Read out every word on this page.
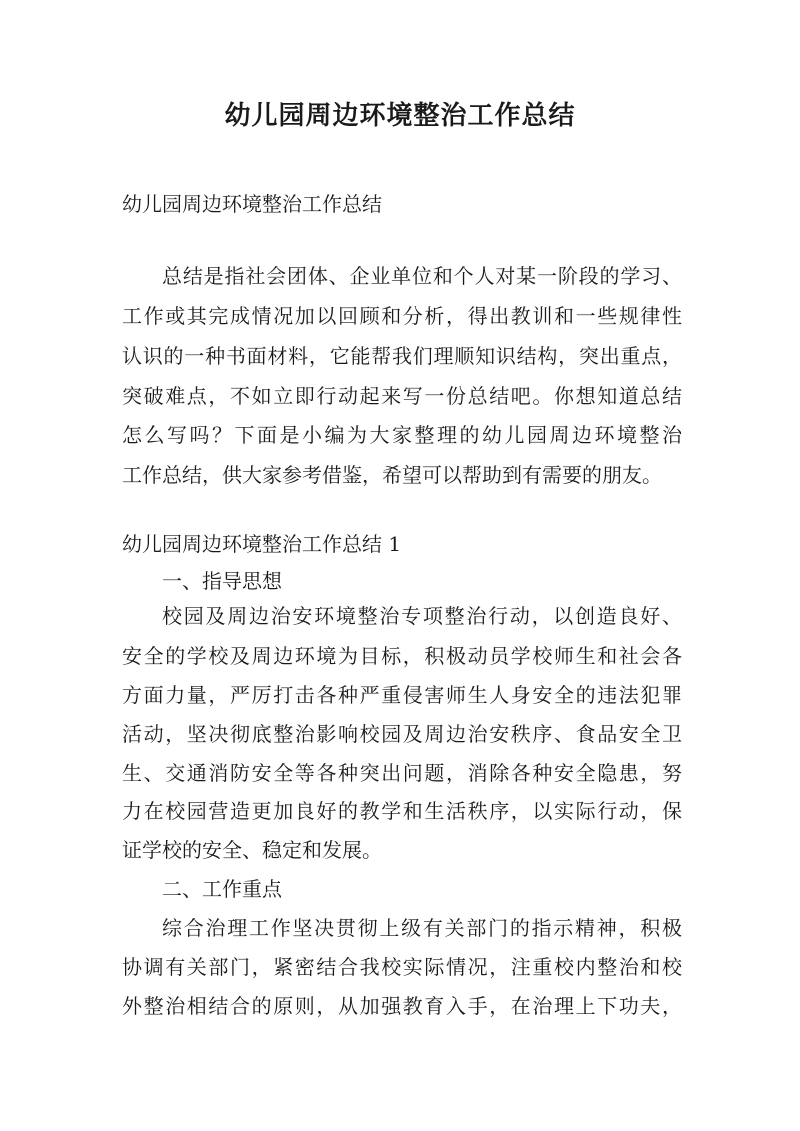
幼儿园周边环境整治工作总结
幼儿园周边环境整治工作总结
总结是指社会团体、企业单位和个人对某一阶段的学习、
工作或其完成情况加以回顾和分析，得出教训和一些规律性
认识的一种书面材料，它能帮我们理顺知识结构，突出重点，
突破难点，不如立即行动起来写一份总结吧。你想知道总结
怎么写吗？下面是小编为大家整理的幼儿园周边环境整治
工作总结，供大家参考借鉴，希望可以帮助到有需要的朋友。
幼儿园周边环境整治工作总结 1
一、指导思想
校园及周边治安环境整治专项整治行动，以创造良好、
安全的学校及周边环境为目标，积极动员学校师生和社会各
方面力量，严厉打击各种严重侵害师生人身安全的违法犯罪
活动，坚决彻底整治影响校园及周边治安秩序、食品安全卫
生、交通消防安全等各种突出问题，消除各种安全隐患，努
力在校园营造更加良好的教学和生活秩序，以实际行动，保
证学校的安全、稳定和发展。
二、工作重点
综合治理工作坚决贯彻上级有关部门的指示精神，积极
协调有关部门，紧密结合我校实际情况，注重校内整治和校
外整治相结合的原则，从加强教育入手，在治理上下功夫，
